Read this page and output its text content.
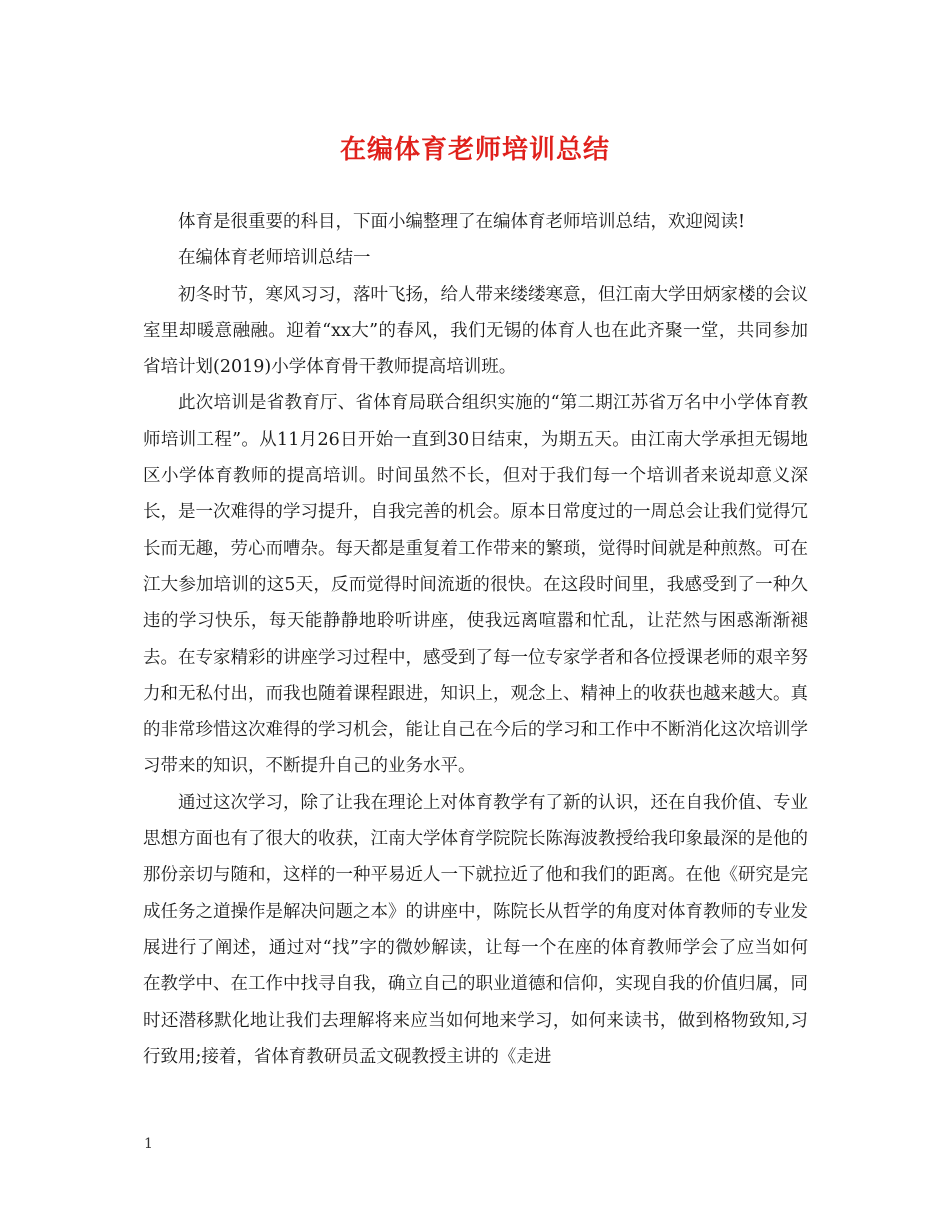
在编体育老师培训总结

体育是很重要的科目，下面小编整理了在编体育老师培训总结，欢迎阅读!

在编体育老师培训总结一

初冬时节，寒风习习，落叶飞扬，给人带来缕缕寒意，但江南大学田炳家楼的会议室里却暖意融融。迎着“xx大”的春风，我们无锡的体育人也在此齐聚一堂，共同参加省培计划(2019)小学体育骨干教师提高培训班。

此次培训是省教育厅、省体育局联合组织实施的“第二期江苏省万名中小学体育教师培训工程”。从11月26日开始一直到30日结束，为期五天。由江南大学承担无锡地区小学体育教师的提高培训。时间虽然不长，但对于我们每一个培训者来说却意义深长，是一次难得的学习提升，自我完善的机会。原本日常度过的一周总会让我们觉得冗长而无趣，劳心而嘈杂。每天都是重复着工作带来的繁琐，觉得时间就是种煎熬。可在江大参加培训的这5天，反而觉得时间流逝的很快。在这段时间里，我感受到了一种久违的学习快乐，每天能静静地聆听讲座，使我远离喧嚣和忙乱，让茫然与困惑渐渐褪去。在专家精彩的讲座学习过程中，感受到了每一位专家学者和各位授课老师的艰辛努力和无私付出，而我也随着课程跟进，知识上，观念上、精神上的收获也越来越大。真的非常珍惜这次难得的学习机会，能让自己在今后的学习和工作中不断消化这次培训学习带来的知识，不断提升自己的业务水平。

通过这次学习，除了让我在理论上对体育教学有了新的认识，还在自我价值、专业思想方面也有了很大的收获，江南大学体育学院院长陈海波教授给我印象最深的是他的那份亲切与随和，这样的一种平易近人一下就拉近了他和我们的距离。在他《研究是完成任务之道操作是解决问题之本》的讲座中，陈院长从哲学的角度对体育教师的专业发展进行了阐述，通过对“找”字的微妙解读，让每一个在座的体育教师学会了应当如何在教学中、在工作中找寻自我，确立自己的职业道德和信仰，实现自我的价值归属，同时还潜移默化地让我们去理解将来应当如何地来学习，如何来读书，做到格物致知,习行致用;接着，省体育教研员孟文砚教授主讲的《走进

1
